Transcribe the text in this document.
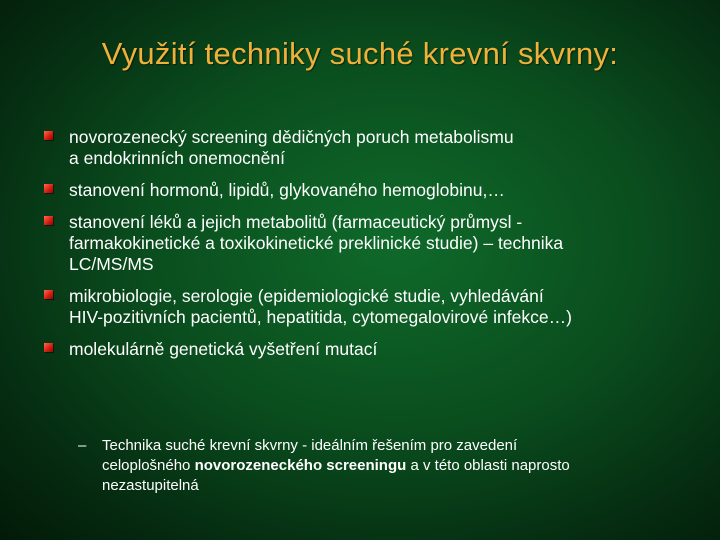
Využití techniky suché krevní skvrny:
novorozenecký screening dědičných poruch metabolismu
a endokrinních onemocnění
stanovení hormonů, lipidů, glykovaného hemoglobinu,…
stanovení léků a jejich metabolitů (farmaceutický průmysl -
farmakokinetické a toxikokinetické preklinické studie) – technika
LC/MS/MS
mikrobiologie, serologie (epidemiologické studie, vyhledávání
HIV-pozitivních pacientů, hepatitida, cytomegalovirové infekce…)
molekulárně genetická vyšetření mutací
–	Technika suché krevní skvrny - ideálním řešením pro zavedení
celoplošného novorozeneckého screeningu a v této oblasti naprosto
nezastupitelná
